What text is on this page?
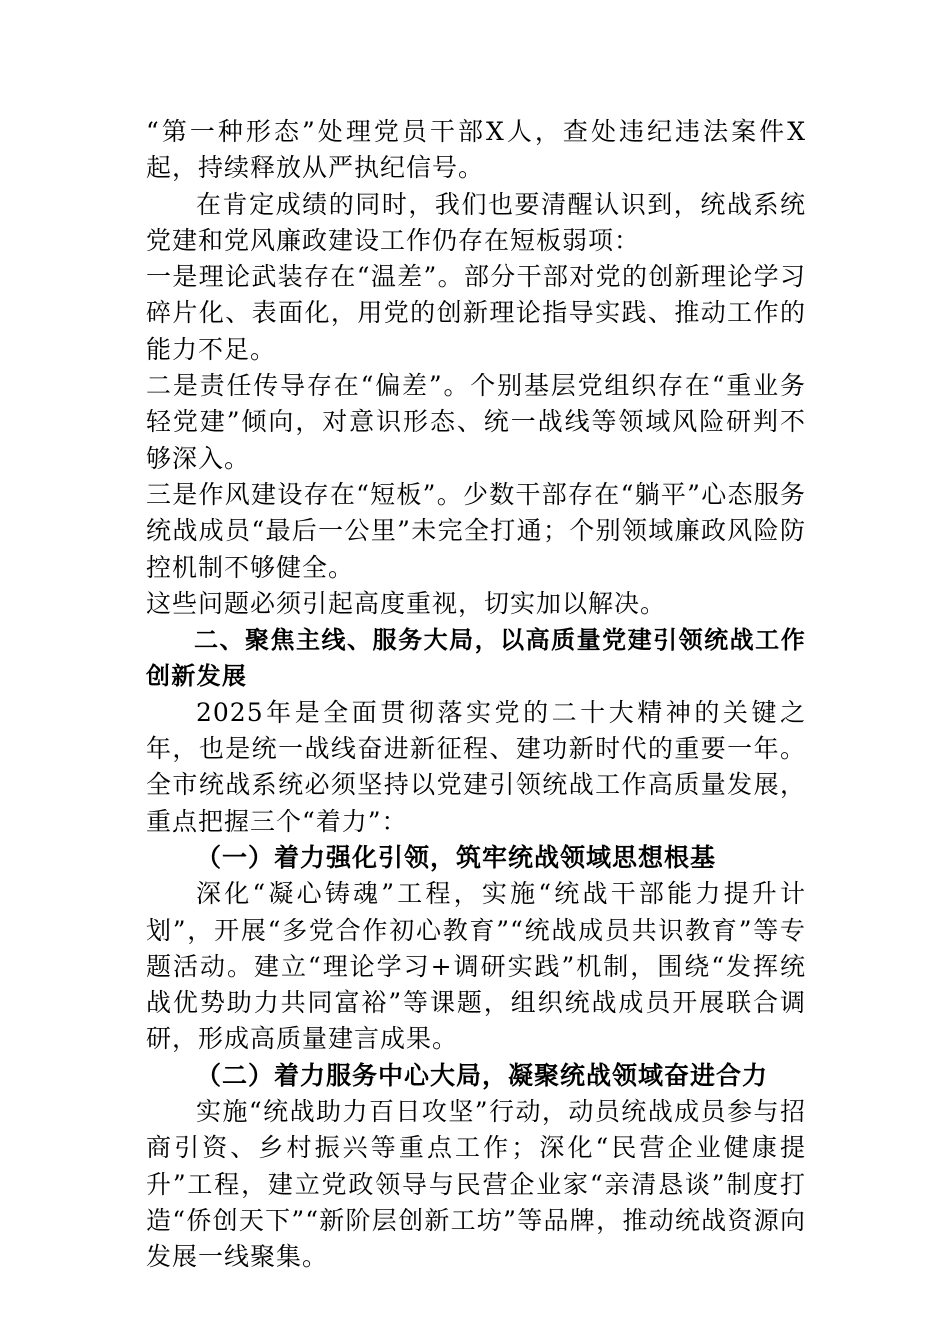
“第一种形态”处理党员干部X人，查处违纪违法案件X起，持续释放从严执纪信号。

在肯定成绩的同时，我们也要清醒认识到，统战系统党建和党风廉政建设工作仍存在短板弱项：

一是理论武装存在“温差”。部分干部对党的创新理论学习碎片化、表面化，用党的创新理论指导实践、推动工作的能力不足。

二是责任传导存在“偏差”。个别基层党组织存在“重业务轻党建”倾向，对意识形态、统一战线等领域风险研判不够深入。

三是作风建设存在“短板”。少数干部存在“躺平”心态服务统战成员“最后一公里”未完全打通；个别领域廉政风险防控机制不够健全。

这些问题必须引起高度重视，切实加以解决。

二、聚焦主线、服务大局，以高质量党建引领统战工作创新发展

2025年是全面贯彻落实党的二十大精神的关键之年，也是统一战线奋进新征程、建功新时代的重要一年。全市统战系统必须坚持以党建引领统战工作高质量发展，重点把握三个“着力”：

（一）着力强化引领，筑牢统战领域思想根基

深化“凝心铸魂”工程，实施“统战干部能力提升计划”，开展“多党合作初心教育”“统战成员共识教育”等专题活动。建立“理论学习+调研实践”机制，围绕“发挥统战优势助力共同富裕”等课题，组织统战成员开展联合调研，形成高质量建言成果。

（二）着力服务中心大局，凝聚统战领域奋进合力

实施“统战助力百日攻坚”行动，动员统战成员参与招商引资、乡村振兴等重点工作；深化“民营企业健康提升”工程，建立党政领导与民营企业家“亲清恳谈”制度打造“侨创天下”“新阶层创新工坊”等品牌，推动统战资源向发展一线聚集。
